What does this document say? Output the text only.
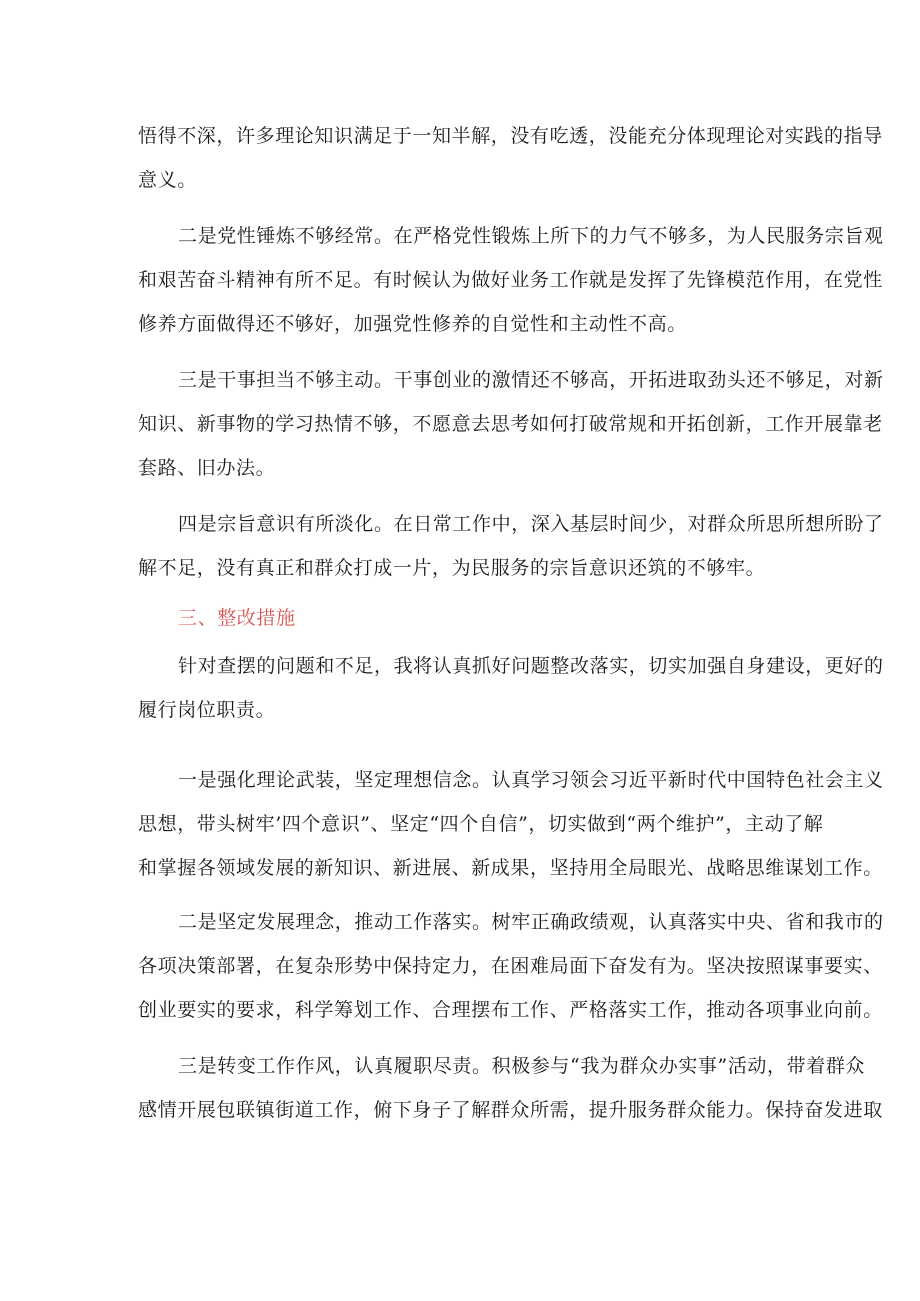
悟得不深，许多理论知识满足于一知半解，没有吃透，没能充分体现理论对实践的指导
意义。

二是党性锤炼不够经常。在严格党性锻炼上所下的力气不够多，为人民服务宗旨观
和艰苦奋斗精神有所不足。有时候认为做好业务工作就是发挥了先锋模范作用，在党性
修养方面做得还不够好，加强党性修养的自觉性和主动性不高。

三是干事担当不够主动。干事创业的激情还不够高，开拓进取劲头还不够足，对新
知识、新事物的学习热情不够，不愿意去思考如何打破常规和开拓创新，工作开展靠老
套路、旧办法。

四是宗旨意识有所淡化。在日常工作中，深入基层时间少，对群众所思所想所盼了
解不足，没有真正和群众打成一片，为民服务的宗旨意识还筑的不够牢。

三、整改措施

针对查摆的问题和不足，我将认真抓好问题整改落实，切实加强自身建设，更好的
履行岗位职责。

一是强化理论武装，坚定理想信念。认真学习领会习近平新时代中国特色社会主义
思想，带头树牢’四个意识”、坚定“四个自信”，切实做到“两个维护”，主动了解
和掌握各领域发展的新知识、新进展、新成果，坚持用全局眼光、战略思维谋划工作。

二是坚定发展理念，推动工作落实。树牢正确政绩观，认真落实中央、省和我市的
各项决策部署，在复杂形势中保持定力，在困难局面下奋发有为。坚决按照谋事要实、
创业要实的要求，科学筹划工作、合理摆布工作、严格落实工作，推动各项事业向前。

三是转变工作作风，认真履职尽责。积极参与“我为群众办实事”活动，带着群众
感情开展包联镇街道工作，俯下身子了解群众所需，提升服务群众能力。保持奋发进取
